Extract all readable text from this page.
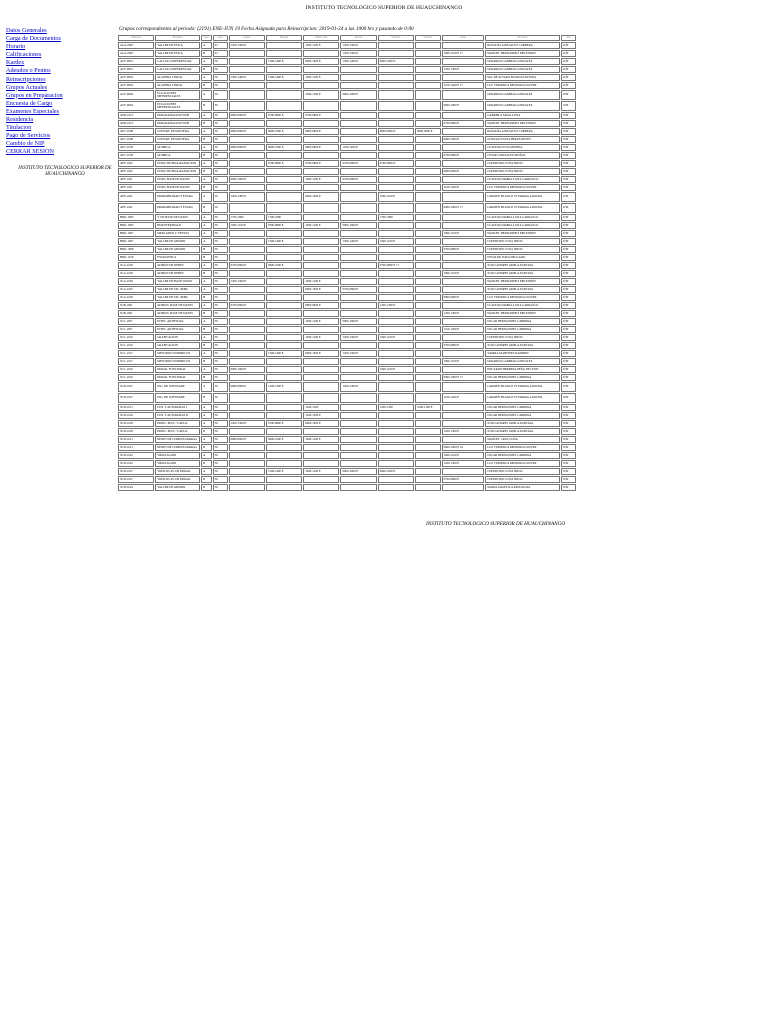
INSTITUTO TECNOLOGICO SUPERIOR DE HUAUCHINANGO
Datos Generales
Carga de Documentos
Horario
Calificaciones
Kardex
Adeudos o Pentos
Reinscripciones
Grupos Actuales
Grupos en Preparacion
Encuesta de Cargo
Examenes Especiales
Residencia
Titulacion
Pago de Servicios
Cambio de NIP
CERRAR SESION
INSTITUTO TECNOLOGICO SUPERIOR DE HUAUCHINANGO
Grupos correspondientes al periodo: (2191) ENE-JUN 19 Fecha Asignada para Reinscripcion: 2019-01-24 a las 1000 hrs y pasando de 0:00
Materia	Nombre	Gpo	Cap	Lunes	Martes	Miercoles	Jueves	Viernes	Sabado	Aula	Profesor	Sel
ACA-0907	TALLER DE ETICA	A	25	1200-1300 E		1000-1100 E	1200-1300 E				ROSALBA GONZALEZ CABRERA	0/30
ACA-0907	TALLER DE ETICA	B	25				1200-1300 E			1000-1100 E 17	MANUEL HERNANDEZ MELENDEZ	0/30
ACF-0901	CALCULO DIFERENCIAL	A	30		1300-1400 E	0900-1000 E	1300-1400 E	0900-1000 E			GERARDO GAMBOA GONZALEZ	0/30
ACF-0901	CALCULO DIFERENCIAL	B	30							1200-1300 E	GERARDO GAMBOA GONZALEZ	0/30
ACF-0903	ALGEBRA LINEAL	A	30	1300-1400 E	1300-1400 E	1000-1100 E					MA. DE ALVARO MOLINAS RIVERA	0/30
ACF-0903	ALGEBRA LINEAL	B	30							1100-1200 E 17	LUZ VERONICA MENDOZA OLIVER	0/30
ACF-0904	ECUACIONES DIFERENCIALES	A	30			1000-1100 E	0900-1000 E				GERARDO GAMBOA GONZALEZ	0/30
ACF-0904	ECUACIONES DIFERENCIALES	B	30							0900-1000 E	GERARDO GAMBOA GONZALEZ	0/30
AED-1015	PROGRAMACION WEB	A	30	0800-0900 E	0700-0800 E	0700-0800 E					GABRIELA MATA LUNA	0/30
AED-1015	PROGRAMACION WEB	B	30							0700-0800 E	MANUEL HERNANDEZ MELENDEZ	0/30
AEC-1008	CONTAB. FINANCIERA	A	30	0800-0900 E	0900-1000 E	0800-0900 E		0800-0900 E	0800-0900 E		ROSALBA GONZALEZ CABRERA	0/30
AEC-1008	CONTAB. FINANCIERA	B	30							0900-1000 E	GONZALO SOSA HEROS REYES	0/30
AEC-1058	QUIMICA	A	30	0800-0900 E	0900-1000 E	0800-0900 E	1100-1200 E				CLAUDIA LUNA MEDINA	0/30
AEC-1058	QUIMICA	B	30							0700-0800 E	CESAR GONZALEZ MUÑOZ	0/30
AEF-1032	FUND. DE PROGRAMACION	A	30		0700-0800 E	0700-0800 E	0700-0800 E	0700-0800 E			CUPERTINO LUNA TREJO	0/30
AEF-1032	FUND. DE PROGRAMACION	B	30							0800-0900 E	CUPERTINO LUNA TREJO	0/30
AEF-1031	FUND. BASE DE DATOS	A	30	0900-1000 E		1000-1100 E	0700-0800 E				CLAUDIA YADIRA LUNA CARRASCO	0/30
AEF-1031	FUND. BASE DE DATOS	B	30							1100-1200 E	LUZ VERONICA MENDOZA OLIVER	0/30
AEF-1041	PROBABILIDAD Y ESTAD.	A	30	1200-1300 E		0900-1000 E		1000-1100 E			CARMEN BLANCO YTURRIAGA ROCHA	0/30
AEF-1041	PROBABILIDAD Y ESTAD.	B	30							0900-1000 E 17	CARMEN BLANCO YTURRIAGA ROCHA	0/30
BDD-1004	T. DE BASE DE DATOS	A	30	1700-1800	1700-1800			1700-1800			CLAUDIA YADIRA LUNA CARRASCO	0/30
BDD-1004	BIODIVERSIDAD	A	30	1000-1100 E	0700-0800 E	1000-1100 E	0900-1000 E				CLAUDIA YADIRA LUNA CARRASCO	0/30
BDD-1007	MERCADEO Y VENTAS	A	30							1000-1100 E	MANUEL HERNANDEZ MELENDEZ	0/30
BDD-1007	TALLER DE ADMON	A	30		1300-1400 E		1300-1400 E	1000-1100 E			CUPERTINO LUNA TREJO	0/30
BDD-1008	TALLER DE ADMON	B	30							0700-0800 E	CUPERTINO LUNA TREJO	0/30
BDD-1010	ESTADISTICA	B	30								OSVALDO NAVA DELGADO	0/30
SCA-1002	ADMON DE REDES	A	30	0700-0800 E	0900-1000 E			0700-0800 E 17			JULIO ANDRES AMECA PANTOJA	0/30
SCA-1002	ADMON DE REDES	B	30							1000-1100 E	JULIO ANDRES AMECA PANTOJA	0/30
SCA-1004	TALLER DE BASE DATOS	A	30	1200-1300 E		1000-1100 E					MANUEL HERNANDEZ MELENDEZ	0/30
SCA-1025	TALLER DE SIS. OPER.	A	30			0900-1000 E	0700-0800 E				JULIO ANDRES AMECA PANTOJA	0/30
SCA-1026	TALLER DE SIS. OPER.	B	30							0800-0900 E	LUZ VERONICA MENDOZA OLIVER	0/30
SCB-1001	ADMON. BASE DE DATOS	A	30	0700-0800 E		0800-0900 E		1200-1300 E			CLAUDIA YADIRA LUNA CARRASCO	0/30
SCB-1001	ADMON. BASE DE DATOS	B	30							1200-1300 E	MANUEL HERNANDEZ MELENDEZ	0/30
SCC-1007	INTEL. ARTIFICIAL	A	30			1000-1100 E	0900-1000 E				OSCAR HERNANDEZ CABRERA	0/30
SCC-1007	INTEL. ARTIFICIAL	B	30							1100-1200 E	OSCAR HERNANDEZ CABRERA	0/30
SCC-1010	GRAFICACION	A	30			1000-1100 E	1200-1300 E	1000-1100 E			CUPERTINO LUNA TREJO	0/30
SCC-1010	GRAFICACION	B	30							0700-0800 E	JULIO ANDRES AMECA PANTOJA	0/30
SCC-1017	METODOS NUMERICOS	A	30		1300-1400 E	0900-1000 E	1200-1300 E				YADIRA MARTINEZ RAMIREZ	0/30
SCC-1017	METODOS NUMERICOS	B	30							1000-1100 E	GERARDO GAMBOA GONZALEZ	0/30
SCC-1019	PROGR. FUNCIONAL	A	30	0900-1000 E				1000-1100 E			EDUARDO HERRERA PEÑA DE LEON	0/30
SCC-1019	PROGR. FUNCIONAL	B	30							0900-1000 E 17	OSCAR HERNANDEZ CABRERA	0/30
SCD-1027	ING. DE SOFTWARE	A	30	0800-0900 E	1200-1300 E		1200-1300 E				CARMEN BLANCO YTURRIAGA ROCHA	0/30
SCD-1027	ING. DE SOFTWARE	B	30							1100-1200 E	CARMEN BLANCO YTURRIAGA ROCHA	0/30
SCD-1015	LEN. Y AUTOMATAS I	A	30			1200-1300		1200-1300	1000-1100 E		OSCAR HERNANDEZ CABRERA	0/30
SCD-1016	LEN. Y AUTOMATAS II	A	30			1200-1300 E					OSCAR HERNANDEZ CABRERA	0/30
SCD-1018	PRINC. ELEC. Y APLIC.	A	30	1200-1300 E	0700-0800 E	0900-1000 E					JULIO ANDRES AMECA PANTOJA	0/30
SCD-1018	PRINC. ELEC. Y APLIC.	B	30							1200-1300 E	JULIO ANDRES AMECA PANTOJA	0/30
SCD-1021	REDES DE COMPUTADORAS	A	30	0800-0900 E	0900-1000 E	1000-1100 E					MANUEL CRUZ LUNA	0/30
SCD-1021	REDES DE COMPUTADORAS	B	30							0900-1000 E 24	LUZ VERONICA MENDOZA OLIVER	0/30
SCD-1022	SIMULACION	A	30							1000-1100 E	OSCAR HERNANDEZ CABRERA	0/30
SCD-1022	SIMULACION	B	30							1200-1300 E	LUZ VERONICA MENDOZA OLIVER	0/30
SCD-1027	TOPICOS AV. DE PROGR.	A	30		1300-1400 E	1000-1100 E	0900-1000 E	0900-1000 E			CUPERTINO LUNA TREJO	0/30
SCD-1027	TOPICOS AV. DE PROGR.	B	30							0700-0800 E	CUPERTINO LUNA TREJO	0/30
SCH-1024	TALLER DE ADMON	B	30								MARIA ANGELICA RIOS ROJAS	0/30
INSTITUTO TECNOLOGICO SUPERIOR DE HUAUCHINANGO
